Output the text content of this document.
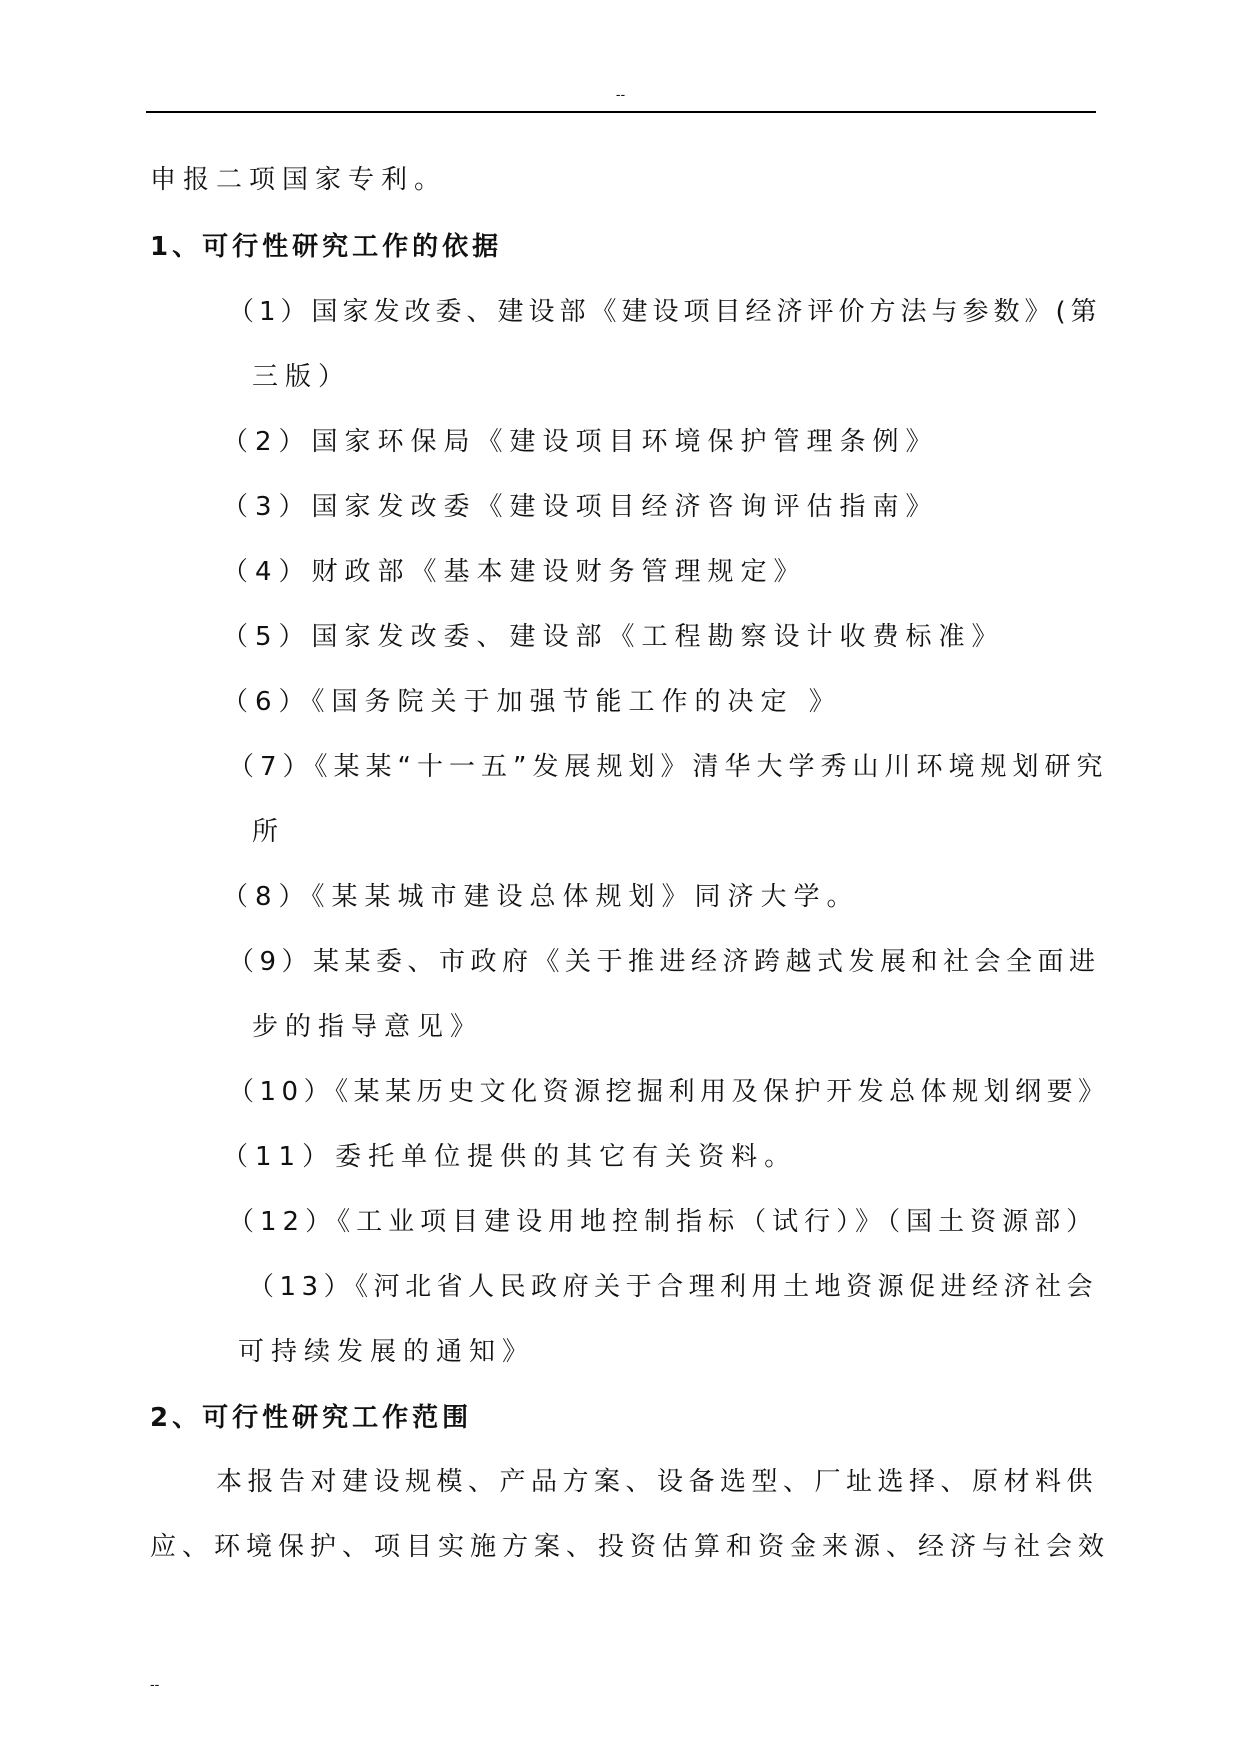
--
申报二项国家专利。
1、可行性研究工作的依据
（1）国家发改委、建设部《建设项目经济评价方法与参数》(第
三版）
（2）国家环保局《建设项目环境保护管理条例》
（3）国家发改委《建设项目经济咨询评估指南》
（4）财政部《基本建设财务管理规定》
（5）国家发改委、建设部《工程勘察设计收费标准》
（6）《国务院关于加强节能工作的决定 》
（7）《某某“十一五”发展规划》清华大学秀山川环境规划研究
所
（8）《某某城市建设总体规划》同济大学。
（9）某某委、市政府《关于推进经济跨越式发展和社会全面进
步的指导意见》
（10）《某某历史文化资源挖掘利用及保护开发总体规划纲要》
（11）委托单位提供的其它有关资料。
（12）《工业项目建设用地控制指标（试行）》（国土资源部）
（13）《河北省人民政府关于合理利用土地资源促进经济社会
可持续发展的通知》
2、可行性研究工作范围
本报告对建设规模、产品方案、设备选型、厂址选择、原材料供
应、环境保护、项目实施方案、投资估算和资金来源、经济与社会效
--
